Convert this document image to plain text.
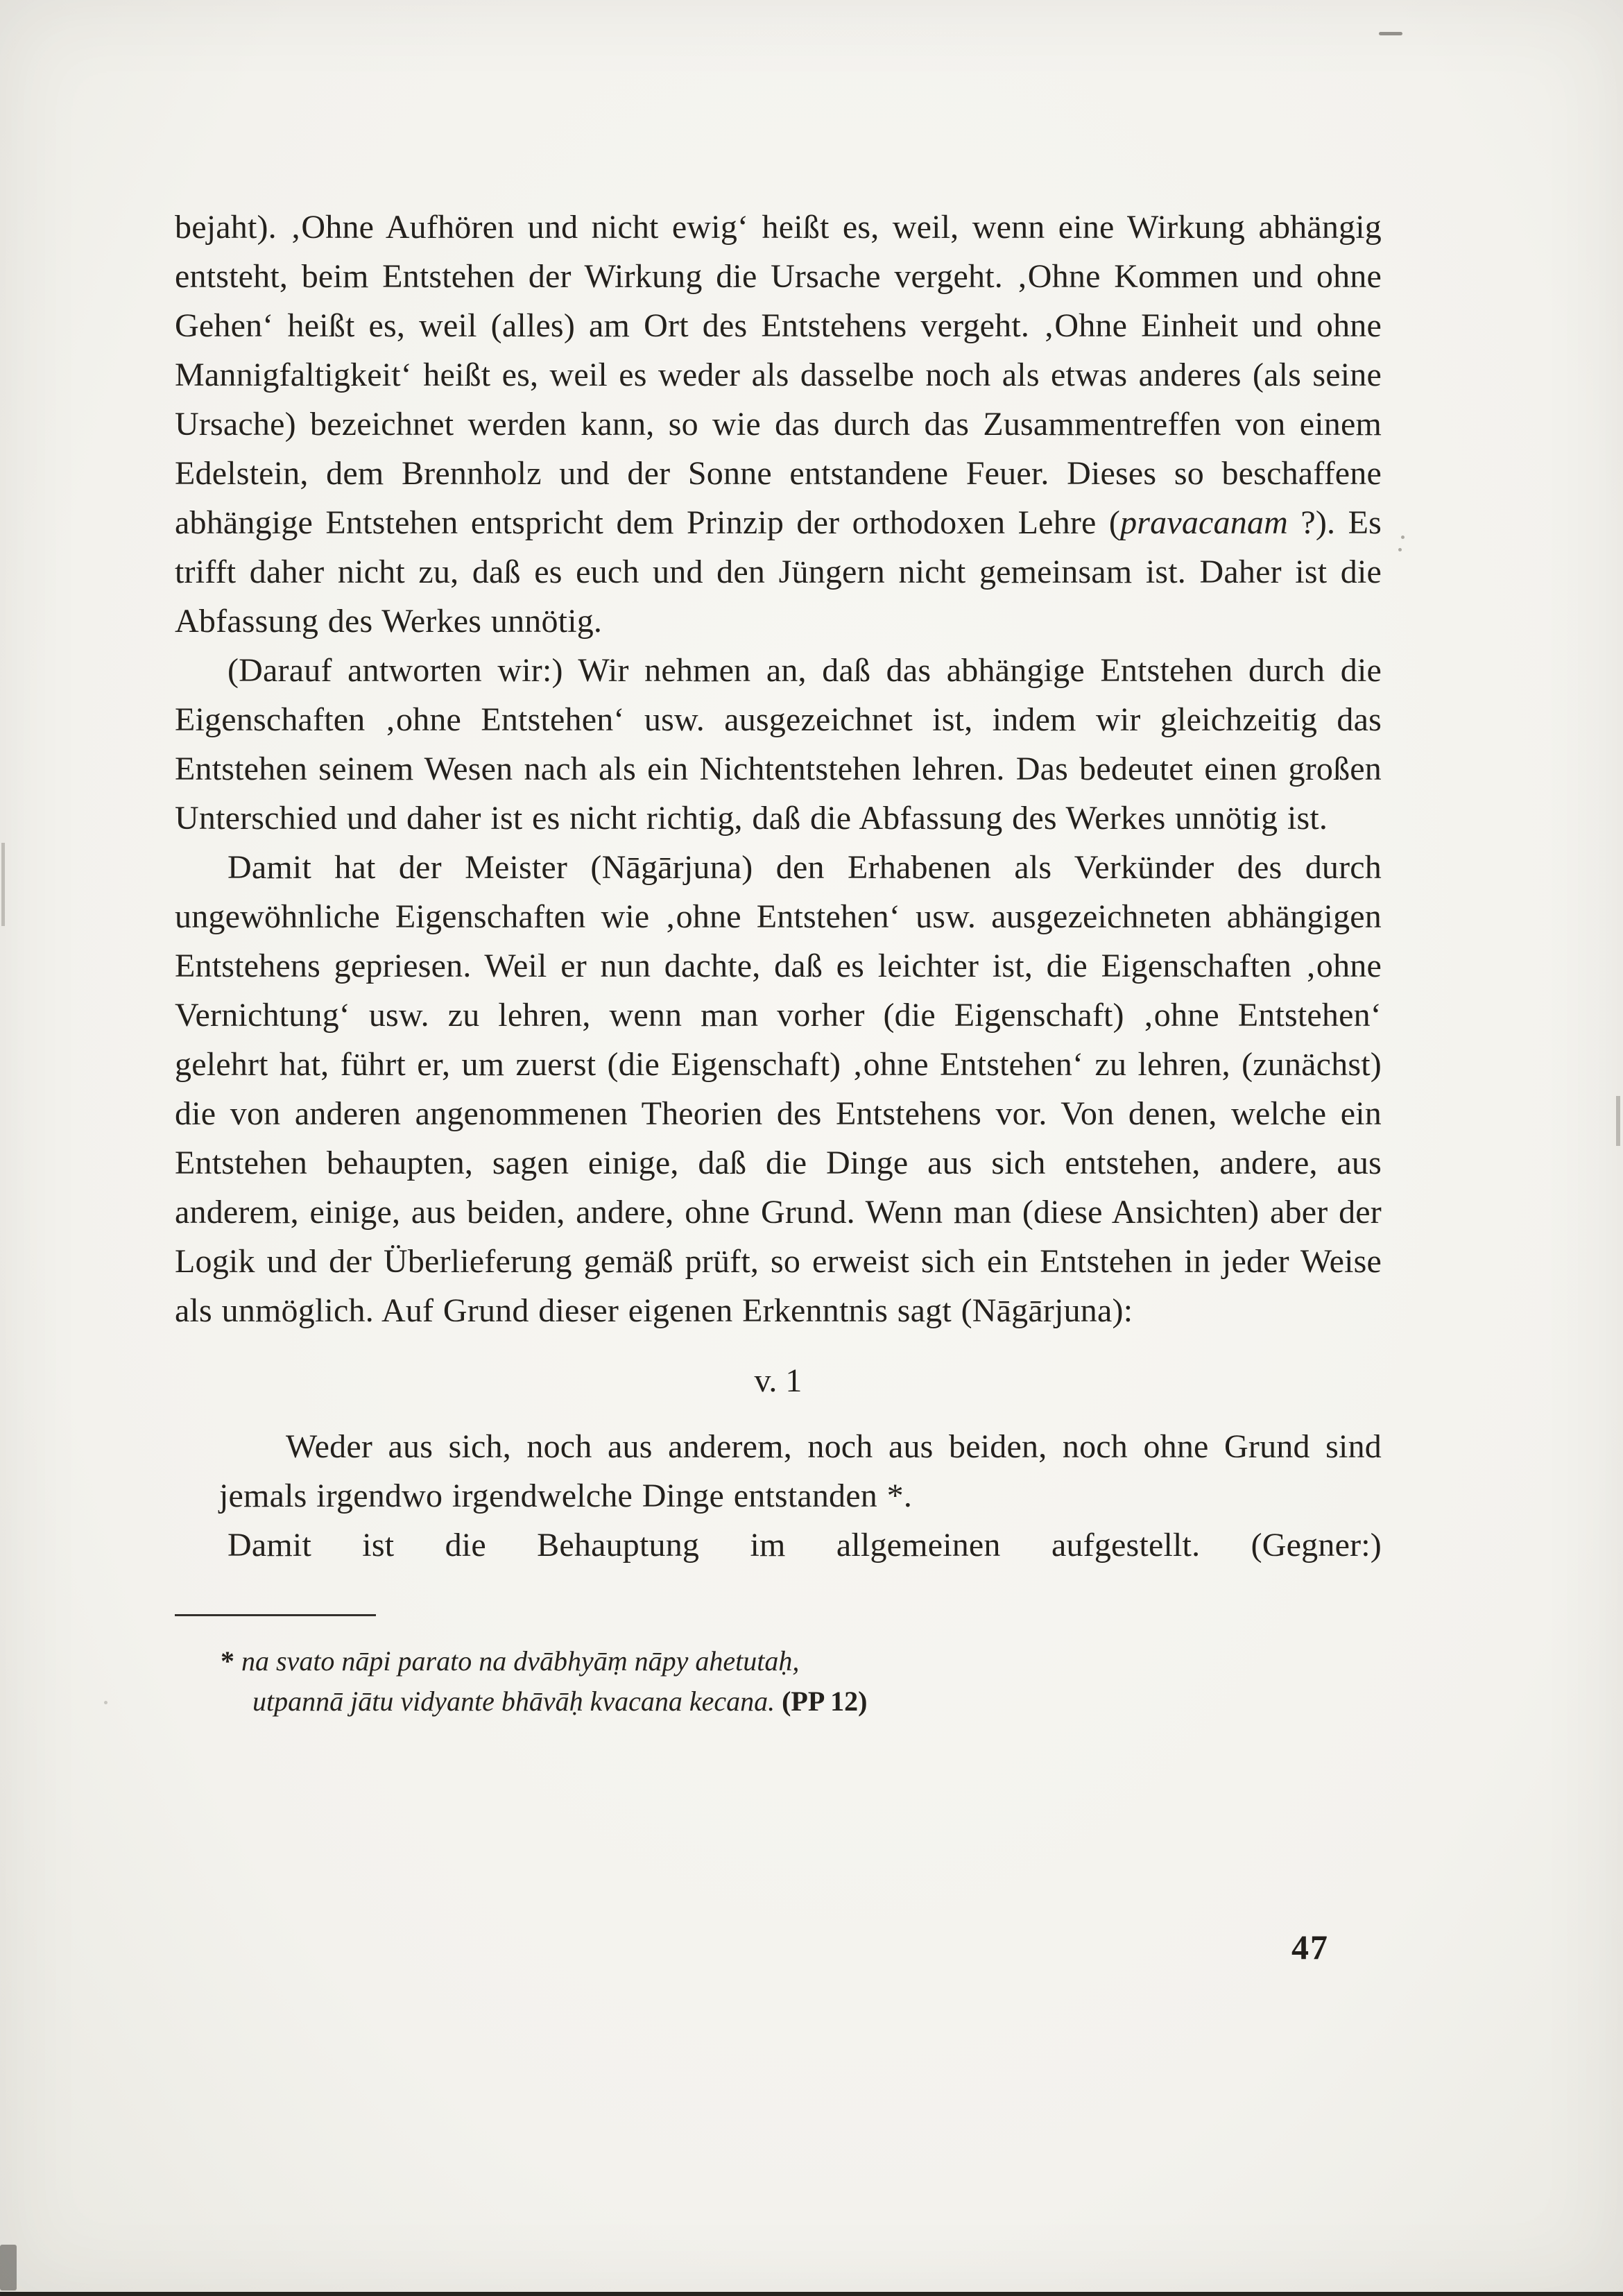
bejaht). ‚Ohne Aufhören und nicht ewig‘ heißt es, weil, wenn eine Wirkung abhängig entsteht, beim Entstehen der Wirkung die Ursache vergeht. ‚Ohne Kommen und ohne Gehen‘ heißt es, weil (alles) am Ort des Entstehens vergeht. ‚Ohne Einheit und ohne Mannigfaltigkeit‘ heißt es, weil es weder als dasselbe noch als etwas anderes (als seine Ursache) bezeichnet werden kann, so wie das durch das Zusammentreffen von einem Edelstein, dem Brennholz und der Sonne entstandene Feuer. Dieses so beschaffene abhängige Entstehen entspricht dem Prinzip der orthodoxen Lehre (pravacanam ?). Es trifft daher nicht zu, daß es euch und den Jüngern nicht gemeinsam ist. Daher ist die Abfassung des Werkes unnötig.

(Darauf antworten wir:) Wir nehmen an, daß das abhängige Entstehen durch die Eigenschaften ‚ohne Entstehen‘ usw. ausgezeichnet ist, indem wir gleichzeitig das Entstehen seinem Wesen nach als ein Nichtentstehen lehren. Das bedeutet einen großen Unterschied und daher ist es nicht richtig, daß die Abfassung des Werkes unnötig ist.

Damit hat der Meister (Nāgārjuna) den Erhabenen als Verkünder des durch ungewöhnliche Eigenschaften wie ‚ohne Entstehen‘ usw. ausgezeichneten abhängigen Entstehens gepriesen. Weil er nun dachte, daß es leichter ist, die Eigenschaften ‚ohne Vernichtung‘ usw. zu lehren, wenn man vorher (die Eigenschaft) ‚ohne Entstehen‘ gelehrt hat, führt er, um zuerst (die Eigenschaft) ‚ohne Entstehen‘ zu lehren, (zunächst) die von anderen angenommenen Theorien des Entstehens vor. Von denen, welche ein Entstehen behaupten, sagen einige, daß die Dinge aus sich entstehen, andere, aus anderem, einige, aus beiden, andere, ohne Grund. Wenn man (diese Ansichten) aber der Logik und der Überlieferung gemäß prüft, so erweist sich ein Entstehen in jeder Weise als unmöglich. Auf Grund dieser eigenen Erkenntnis sagt (Nāgārjuna):

v. 1

Weder aus sich, noch aus anderem, noch aus beiden, noch ohne Grund sind jemals irgendwo irgendwelche Dinge entstanden *.

Damit ist die Behauptung im allgemeinen aufgestellt. (Gegner:)

* na svato nāpi parato na dvābhyāṃ nāpy ahetutaḥ,

utpannā jātu vidyante bhāvāḥ kvacana kecana. (PP 12)

47
